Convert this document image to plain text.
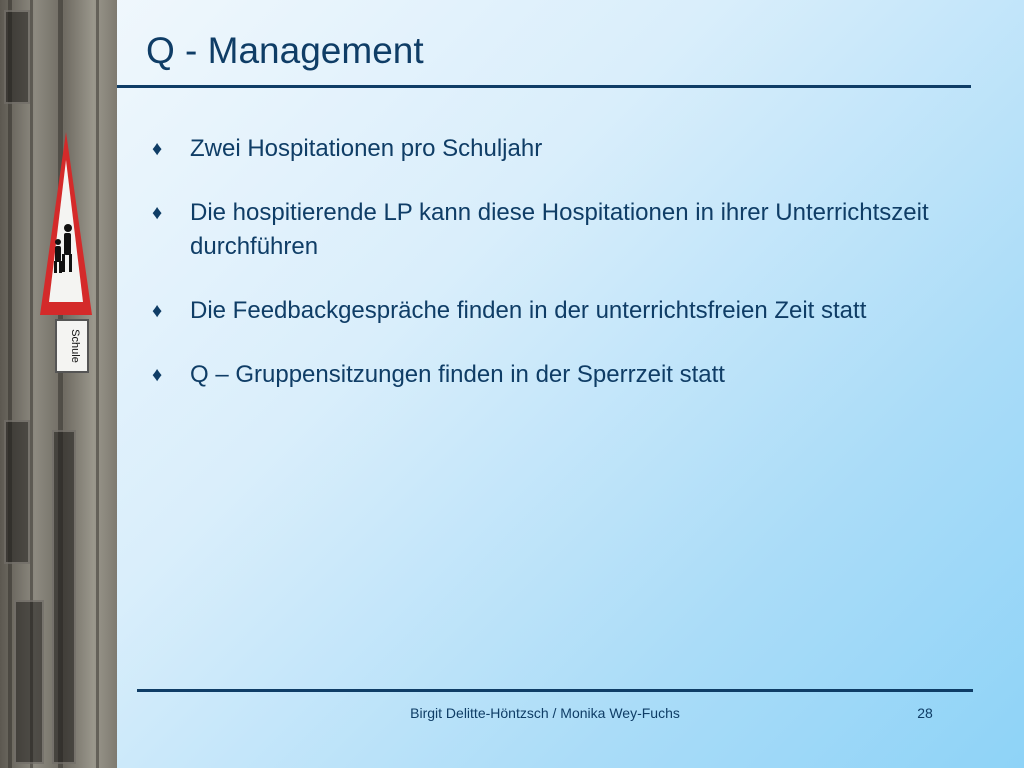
Schule
Q - Management
♦ Zwei Hospitationen pro Schuljahr
♦ Die hospitierende LP kann diese Hospitationen in ihrer Unterrichtszeit durchführen
♦ Die Feedbackgespräche finden in der unterrichtsfreien Zeit statt
♦ Q – Gruppensitzungen finden in der Sperrzeit statt
Birgit Delitte-Höntzsch / Monika Wey-Fuchs	28
